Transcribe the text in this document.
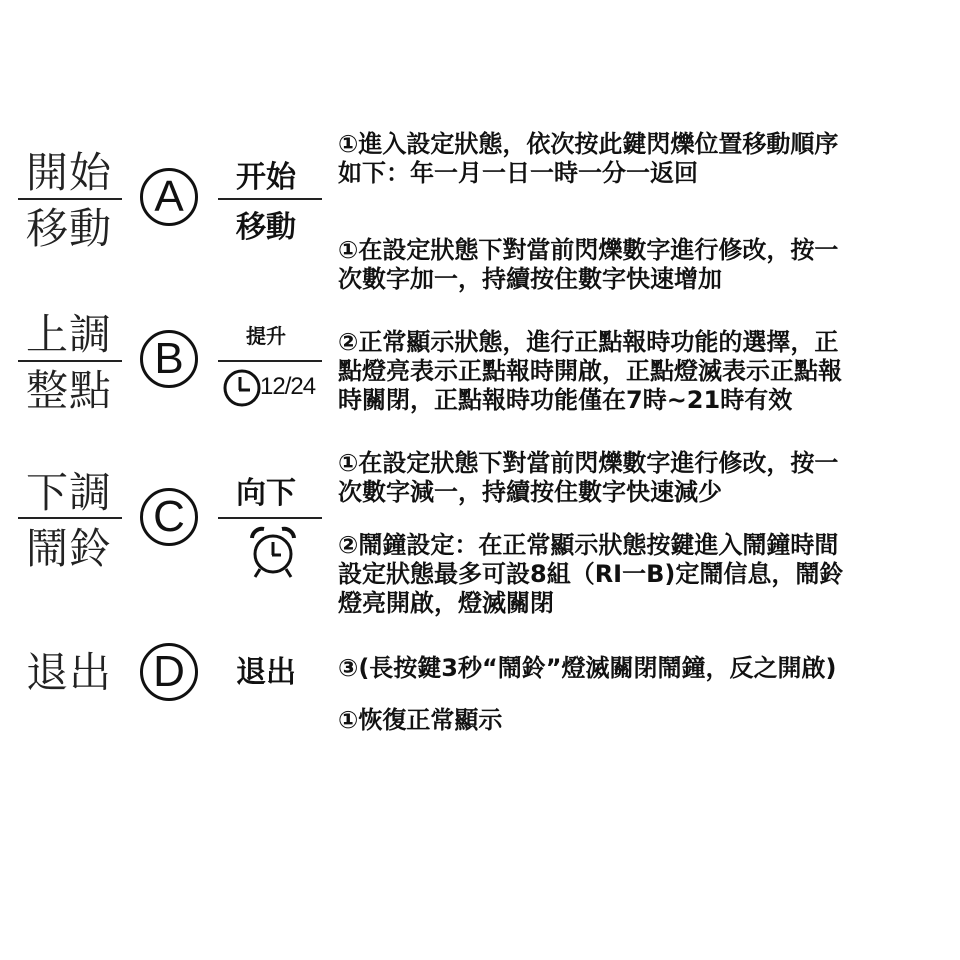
開始
移動
A 开始
移動
上調
整點
B	提升
12/24
下調
鬧鈴
C 向下
退出 D 退出
①進入設定狀態，依次按此鍵閃爍位置移動順序
如下：年一月一日一時一分一返回
①在設定狀態下對當前閃爍數字進行修改，按一
次數字加一，持續按住數字快速增加
②正常顯示狀態，進行正點報時功能的選擇，正
點燈亮表示正點報時開啟，正點燈滅表示正點報
時關閉，正點報時功能僅在7時~21時有效
①在設定狀態下對當前閃爍數字進行修改，按一
次數字減一，持續按住數字快速減少
②鬧鐘設定：在正常顯示狀態按鍵進入鬧鐘時間
設定狀態最多可設8組（RI一B)定鬧信息，鬧鈴
燈亮開啟，燈滅關閉
③(長按鍵3秒“鬧鈴”燈滅關閉鬧鐘，反之開啟)
①恢復正常顯示
